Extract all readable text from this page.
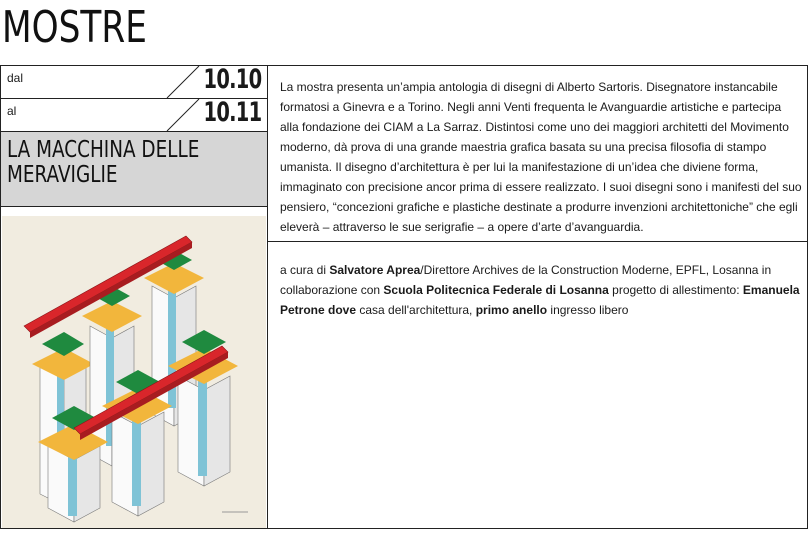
MOSTRE
dal	10.10
al	10.11
LA MACCHINA DELLE MERAVIGLIE
La mostra presenta un’ampia antologia di disegni di Alberto Sartoris. Disegnatore instancabile formatosi a Ginevra e a Torino. Negli anni Venti frequenta le Avanguardie artistiche e partecipa alla fondazione dei CIAM a La Sarraz. Distintosi come uno dei maggiori architetti del Movimento moderno, dà prova di una grande maestria grafica basata su una precisa filosofia di stampo umanista. Il disegno d’architettura è per lui la manifestazione di un’idea che diviene forma, immaginato con precisione ancor prima di essere realizzato. I suoi disegni sono i manifesti del suo pensiero, “concezioni grafiche e plastiche destinate a produrre invenzioni architettoniche” che egli eleverà – attraverso le sue serigrafie – a opere d’arte d’avanguardia.
a cura di Salvatore Aprea/Direttore Archives de la Construction Moderne, EPFL, Losanna in collaborazione con Scuola Politecnica Federale di Losanna progetto di allestimento: Emanuela Petrone dove casa dell'architettura, primo anello ingresso libero
